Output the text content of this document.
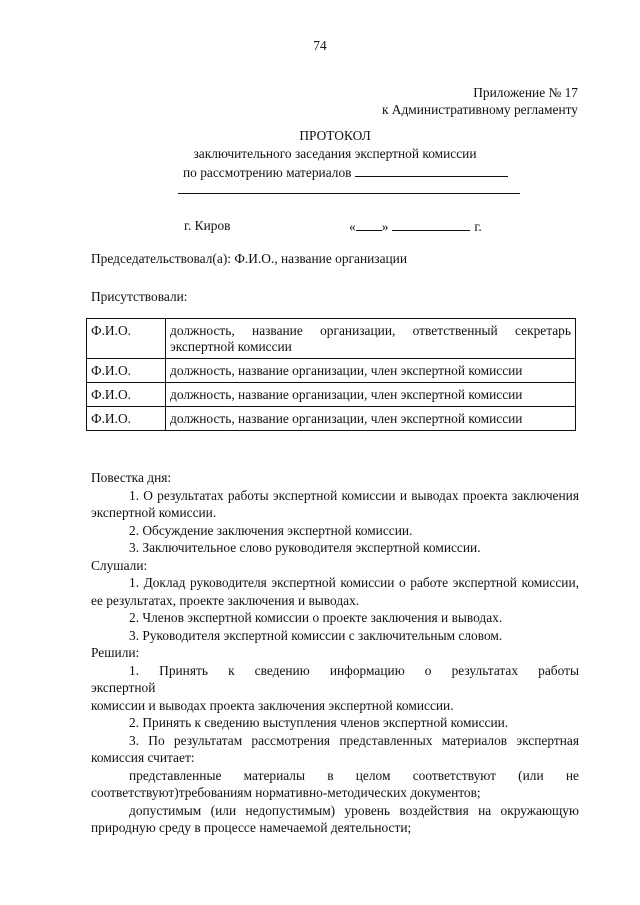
74
Приложение № 17
к Административному регламенту
ПРОТОКОЛ
заключительного заседания экспертной комиссии
по рассмотрению материалов
г. Киров	« »	г.
Председательствовал(а): Ф.И.О., название организации
Присутствовали:
Ф.И.О.	должность, название организации, ответственный секретарь экспертной комиссии
Ф.И.О.	должность, название организации, член экспертной комиссии
Ф.И.О.	должность, название организации, член экспертной комиссии
Ф.И.О.	должность, название организации, член экспертной комиссии

Повестка дня:

1. О результатах работы экспертной комиссии и выводах проекта заключения экспертной комиссии.

2. Обсуждение заключения экспертной комиссии.

3. Заключительное слово руководителя экспертной комиссии.

Слушали:

1. Доклад руководителя экспертной комиссии о работе экспертной комиссии, ее результатах, проекте заключения и выводах.

2. Членов экспертной комиссии о проекте заключения и выводах.

3. Руководителя экспертной комиссии с заключительным словом.

Решили:

1. Принять к сведению информацию о результатах работы

экспертной

комиссии и выводах проекта заключения экспертной комиссии.

2. Принять к сведению выступления членов экспертной комиссии.

3. По результатам рассмотрения представленных материалов экспертная комиссия считает:

представленные материалы в целом соответствуют (или не соответствуют)требованиям нормативно-методических документов;

допустимым (или недопустимым) уровень воздействия на окружающую природную среду в процессе намечаемой деятельности;
